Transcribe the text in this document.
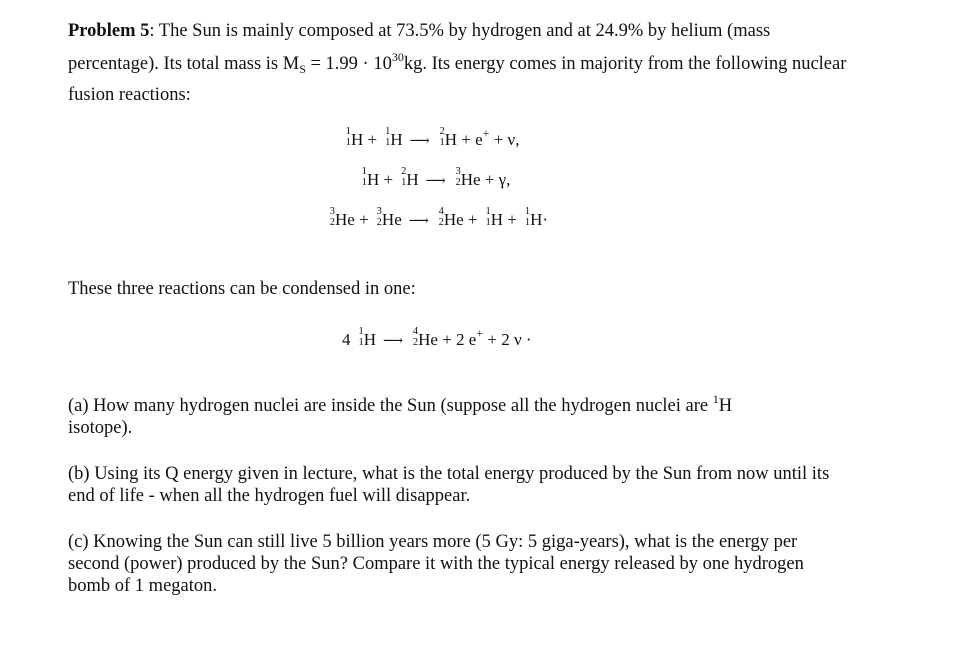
Problem 5: The Sun is mainly composed at 73.5% by hydrogen and at 24.9% by helium (mass percentage). Its total mass is $M_S = 1.99 \cdot 10^{30}kg$. Its energy comes in majority from the following nuclear fusion reactions:

1
1 H + 1
1 H ⟶
2
1 H + e+ + ν,
1
1 H + 2
1 H ⟶
3
2 He + γ,
3
2 He + 3
2 He ⟶
4
2 He + 1
1 H + 1
1 H·

These three reactions can be condensed in one:

4 1
1 H ⟶
4
2 He + 2 e+ + 2 ν ·

(a) How many hydrogen nuclei are inside the Sun (suppose all the hydrogen nuclei are $^1$H
isotope).

(b) Using its Q energy given in lecture, what is the total energy produced by the Sun from now until its end of life - when all the hydrogen fuel will disappear.

(c) Knowing the Sun can still live 5 billion years more (5 Gy: 5 giga-years), what is the energy per second (power) produced by the Sun? Compare it with the typical energy released by one hydrogen bomb of 1 megaton.
